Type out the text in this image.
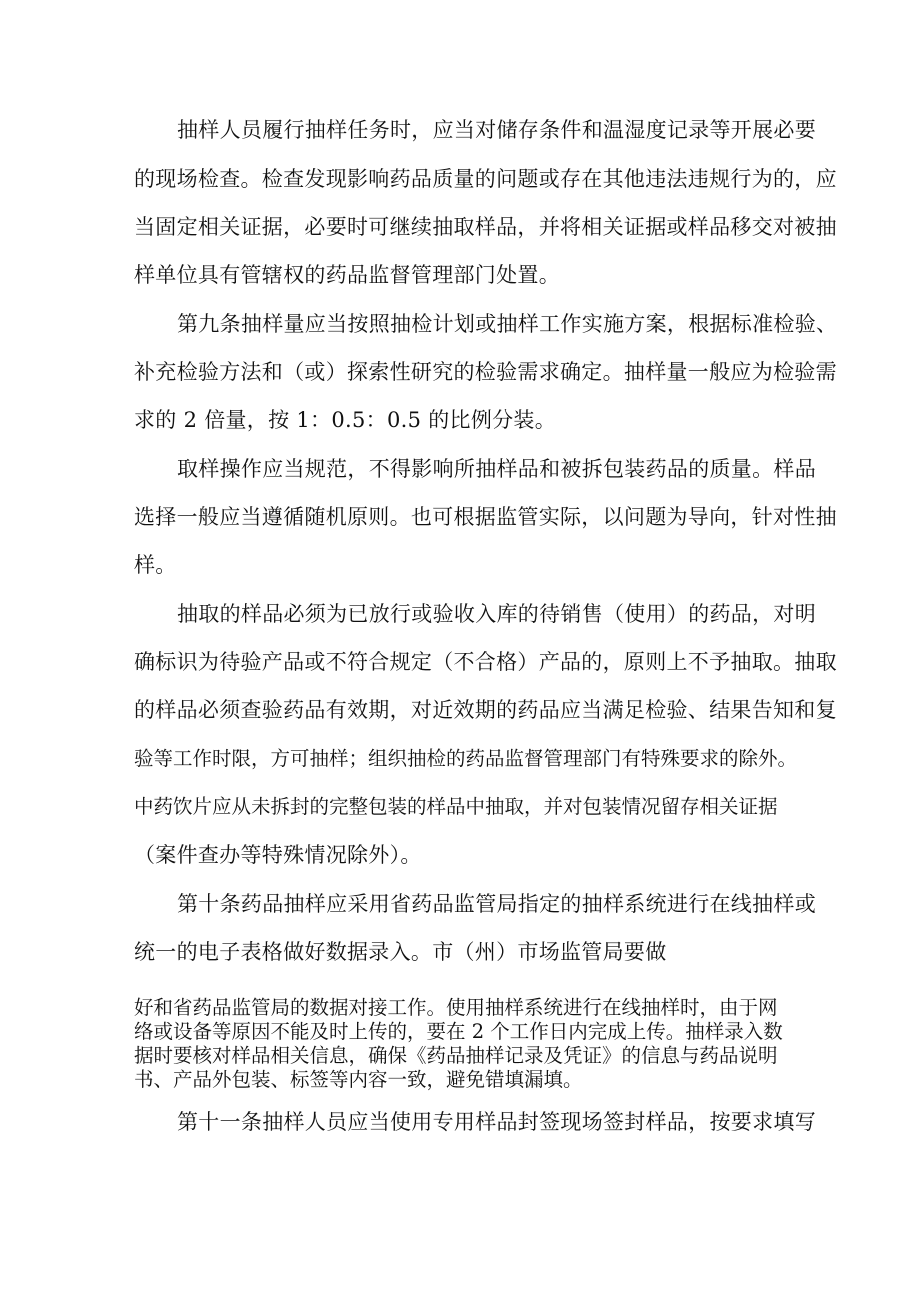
抽样人员履行抽样任务时，应当对储存条件和温湿度记录等开展必要
的现场检查。检查发现影响药品质量的问题或存在其他违法违规行为的，应
当固定相关证据，必要时可继续抽取样品，并将相关证据或样品移交对被抽
样单位具有管辖权的药品监督管理部门处置。
第九条抽样量应当按照抽检计划或抽样工作实施方案，根据标准检验、
补充检验方法和（或）探索性研究的检验需求确定。抽样量一般应为检验需
求的 2 倍量，按 1：0.5：0.5 的比例分装。
取样操作应当规范，不得影响所抽样品和被拆包装药品的质量。样品
选择一般应当遵循随机原则。也可根据监管实际，以问题为导向，针对性抽
样。
抽取的样品必须为已放行或验收入库的待销售（使用）的药品，对明
确标识为待验产品或不符合规定（不合格）产品的，原则上不予抽取。抽取
的样品必须查验药品有效期，对近效期的药品应当满足检验、结果告知和复
验等工作时限，方可抽样；组织抽检的药品监督管理部门有特殊要求的除外。
中药饮片应从未拆封的完整包装的样品中抽取，并对包装情况留存相关证据
（案件查办等特殊情况除外）。
第十条药品抽样应采用省药品监管局指定的抽样系统进行在线抽样或
统一的电子表格做好数据录入。市（州）市场监管局要做
好和省药品监管局的数据对接工作。使用抽样系统进行在线抽样时，由于网
络或设备等原因不能及时上传的，要在 2 个工作日内完成上传。抽样录入数
据时要核对样品相关信息，确保《药品抽样记录及凭证》的信息与药品说明
书、产品外包装、标签等内容一致，避免错填漏填。
第十一条抽样人员应当使用专用样品封签现场签封样品，按要求填写
